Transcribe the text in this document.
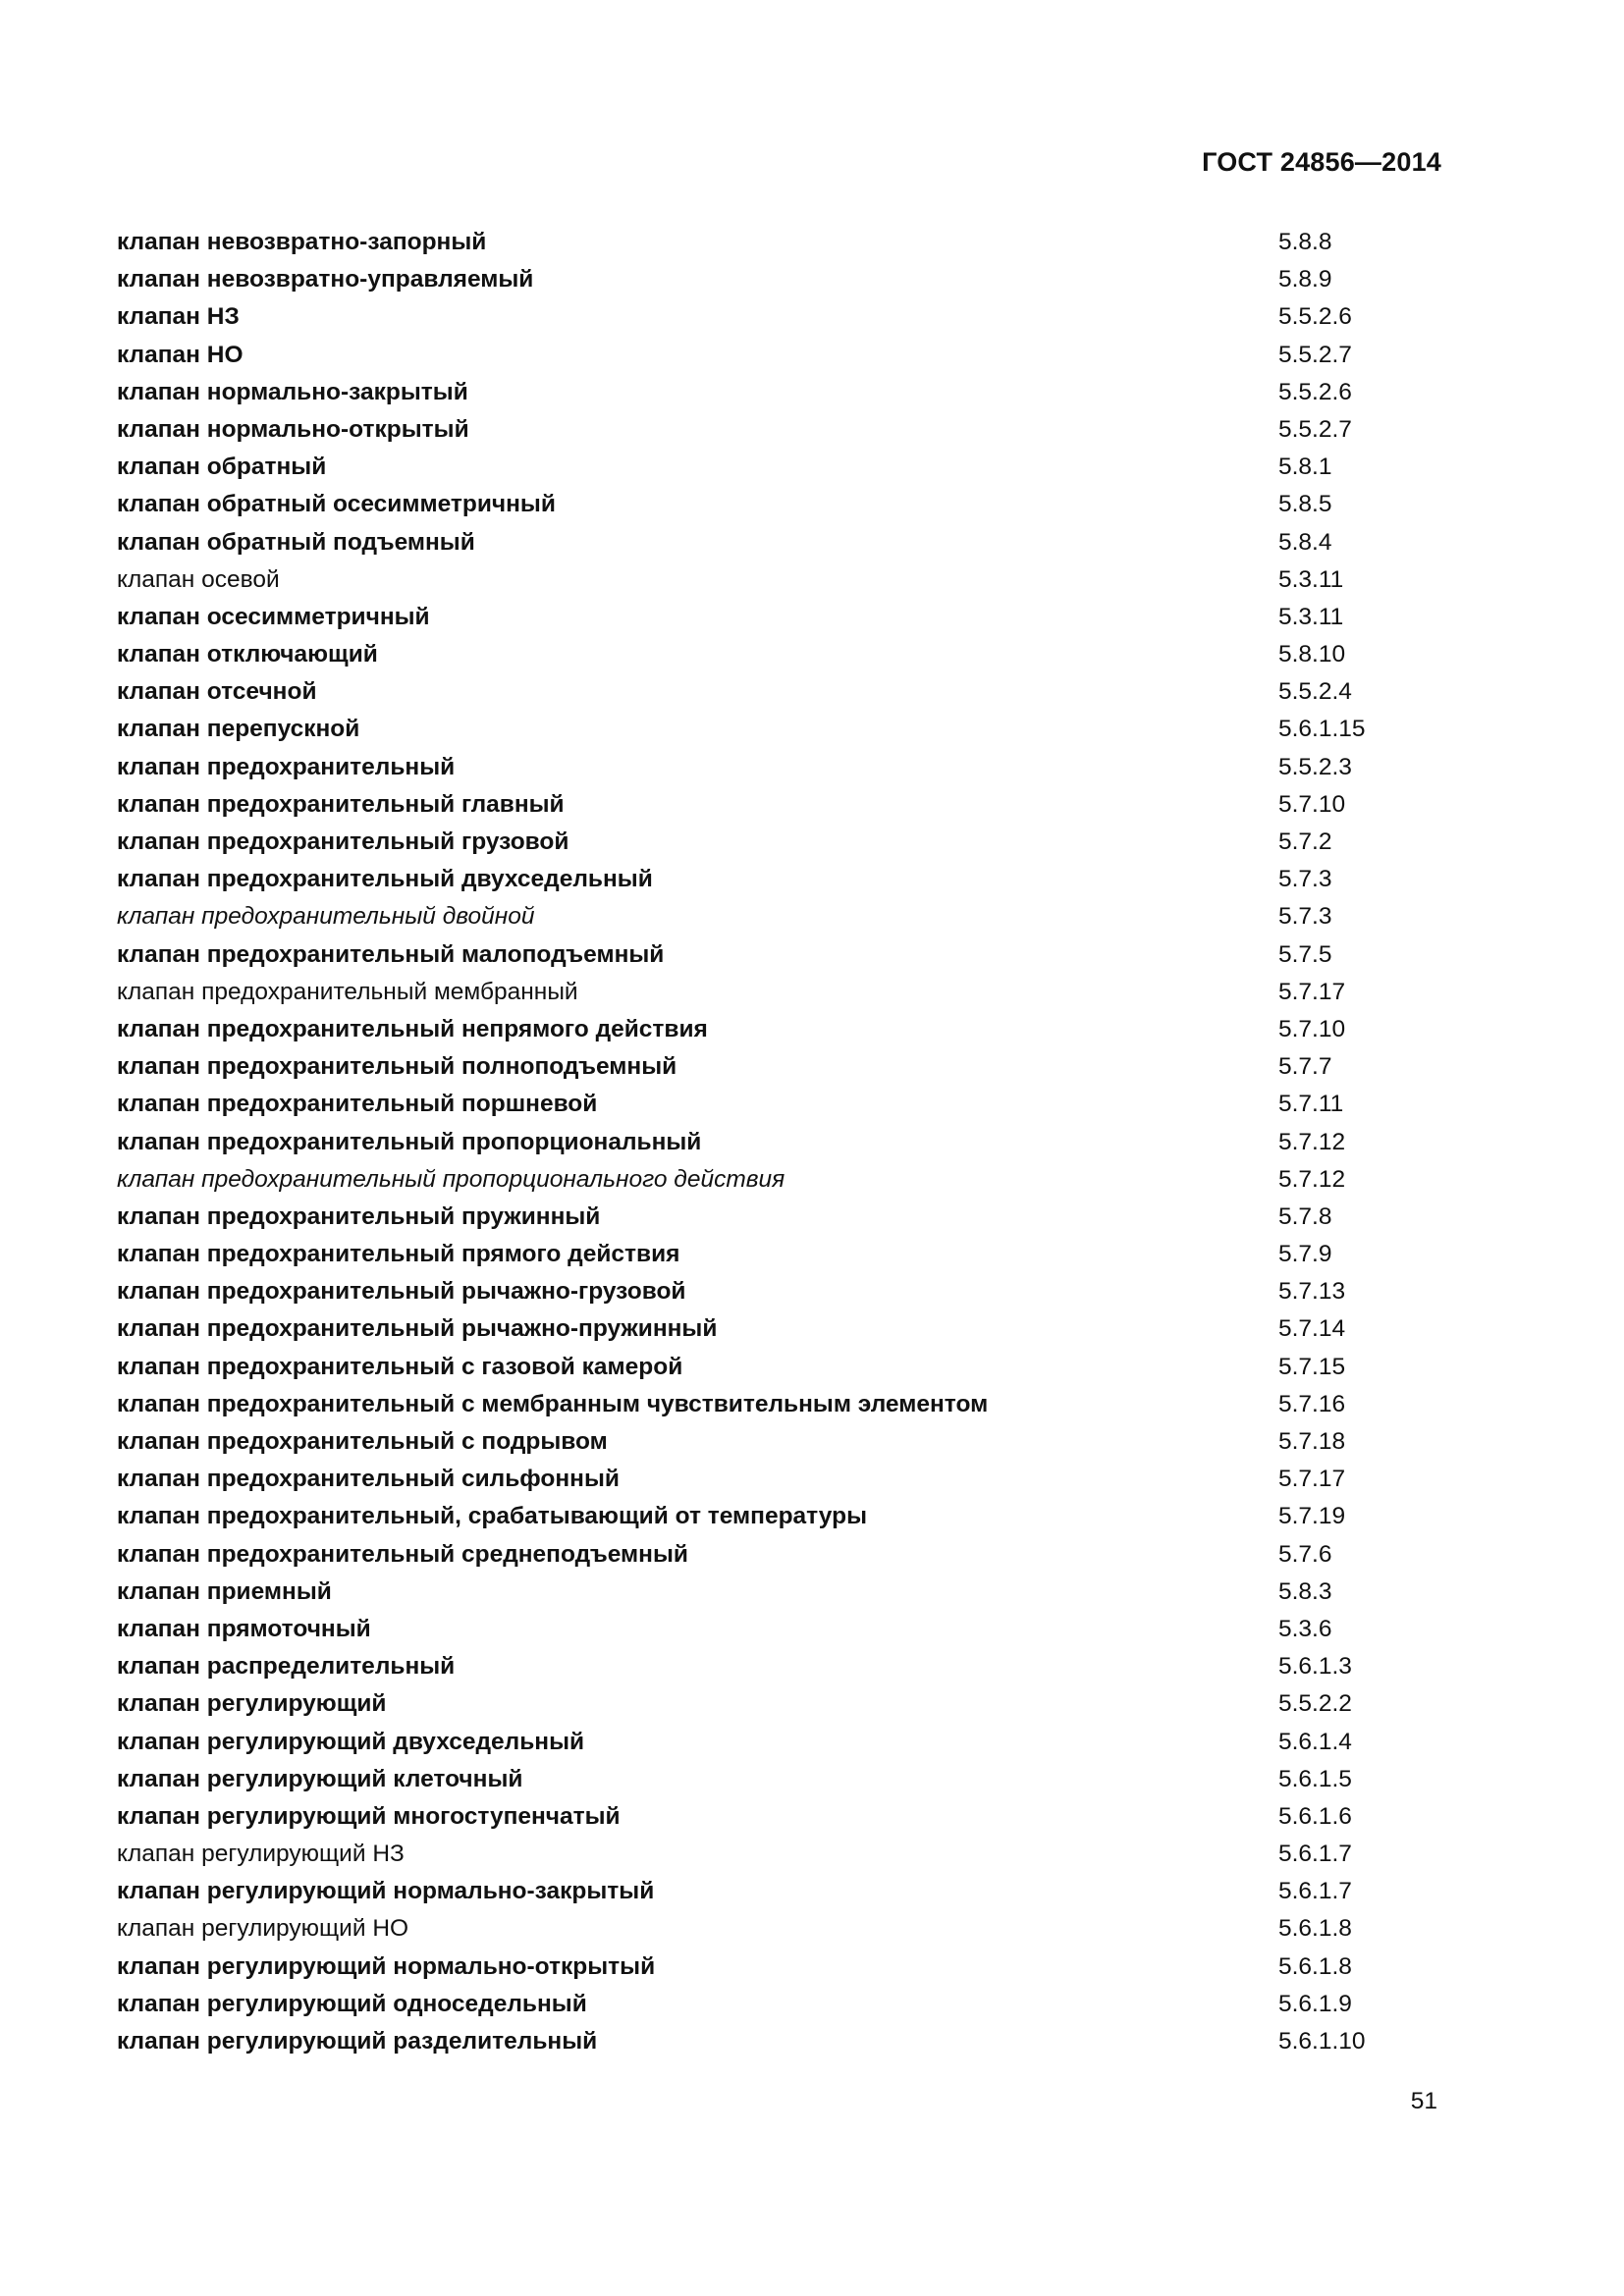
ГОСТ 24856—2014
клапан невозвратно-запорный	5.8.8
клапан невозвратно-управляемый	5.8.9
клапан НЗ	5.5.2.6
клапан НО	5.5.2.7
клапан нормально-закрытый	5.5.2.6
клапан нормально-открытый	5.5.2.7
клапан обратный	5.8.1
клапан обратный осесимметричный	5.8.5
клапан обратный подъемный	5.8.4
клапан осевой	5.3.11
клапан осесимметричный	5.3.11
клапан отключающий	5.8.10
клапан отсечной	5.5.2.4
клапан перепускной	5.6.1.15
клапан предохранительный	5.5.2.3
клапан предохранительный главный	5.7.10
клапан предохранительный грузовой	5.7.2
клапан предохранительный двухседельный	5.7.3
клапан предохранительный двойной	5.7.3
клапан предохранительный малоподъемный	5.7.5
клапан предохранительный мембранный	5.7.17
клапан предохранительный непрямого действия	5.7.10
клапан предохранительный полноподъемный	5.7.7
клапан предохранительный поршневой	5.7.11
клапан предохранительный пропорциональный	5.7.12
клапан предохранительный пропорционального действия	5.7.12
клапан предохранительный пружинный	5.7.8
клапан предохранительный прямого действия	5.7.9
клапан предохранительный рычажно-грузовой	5.7.13
клапан предохранительный рычажно-пружинный	5.7.14
клапан предохранительный с газовой камерой	5.7.15
клапан предохранительный с мембранным чувствительным элементом	5.7.16
клапан предохранительный с подрывом	5.7.18
клапан предохранительный сильфонный	5.7.17
клапан предохранительный, срабатывающий от температуры	5.7.19
клапан предохранительный среднеподъемный	5.7.6
клапан приемный	5.8.3
клапан прямоточный	5.3.6
клапан распределительный	5.6.1.3
клапан регулирующий	5.5.2.2
клапан регулирующий двухседельный	5.6.1.4
клапан регулирующий клеточный	5.6.1.5
клапан регулирующий многоступенчатый	5.6.1.6
клапан регулирующий НЗ	5.6.1.7
клапан регулирующий нормально-закрытый	5.6.1.7
клапан регулирующий НО	5.6.1.8
клапан регулирующий нормально-открытый	5.6.1.8
клапан регулирующий односедельный	5.6.1.9
клапан регулирующий разделительный	5.6.1.10
51
